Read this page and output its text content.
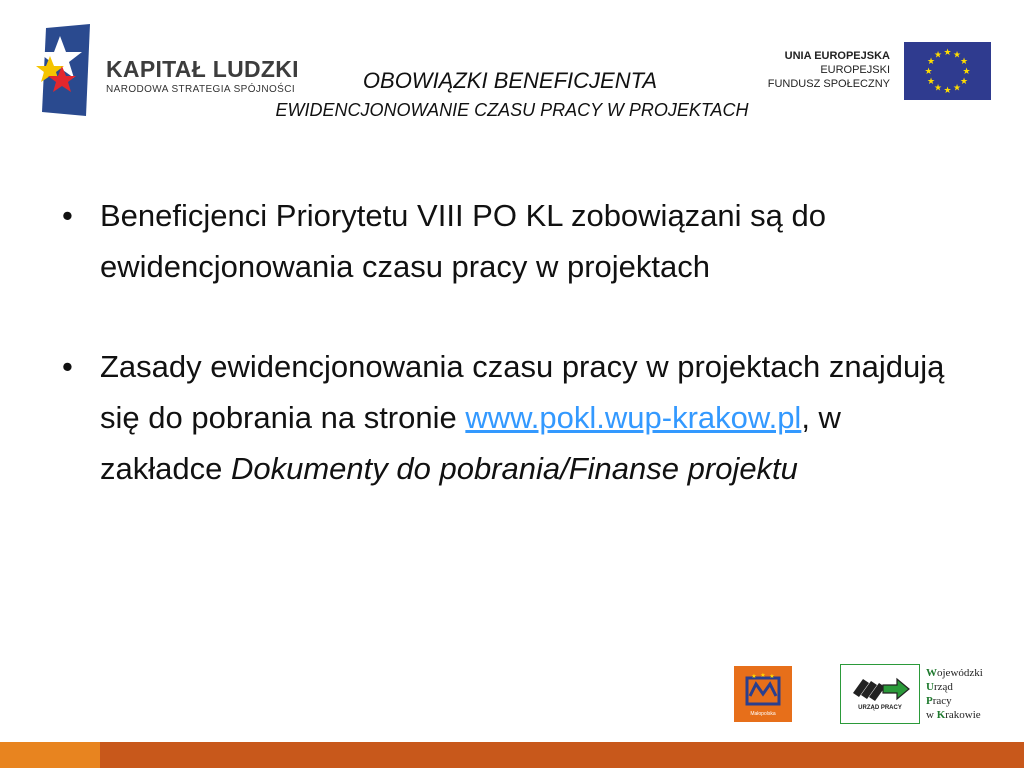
KAPITAŁ LUDZKI
NARODOWA STRATEGIA SPÓJNOŚCI	OBOWIĄZKI BENEFICJENTA
EWIDENCJONOWANIE CZASU PRACY W PROJEKTACH
UNIA EUROPEJSKA
EUROPEJSKI
FUNDUSZ SPOŁECZNY
★ ★
★
★
★
★
★
★
★
★
★
★
• Beneficjenci Priorytetu VIII PO KL zobowiązani są do ewidencjonowania czasu pracy w projektach
• Zasady ewidencjonowania czasu pracy w projektach znajdują się do pobrania na stronie www.pokl.wup-krakow.pl, w zakładce Dokumenty do pobrania/Finanse projektu
★ ★ ★
Małopolska
URZĄD PRACY
Wojewódzki
Urząd
Pracy
w Krakowie
